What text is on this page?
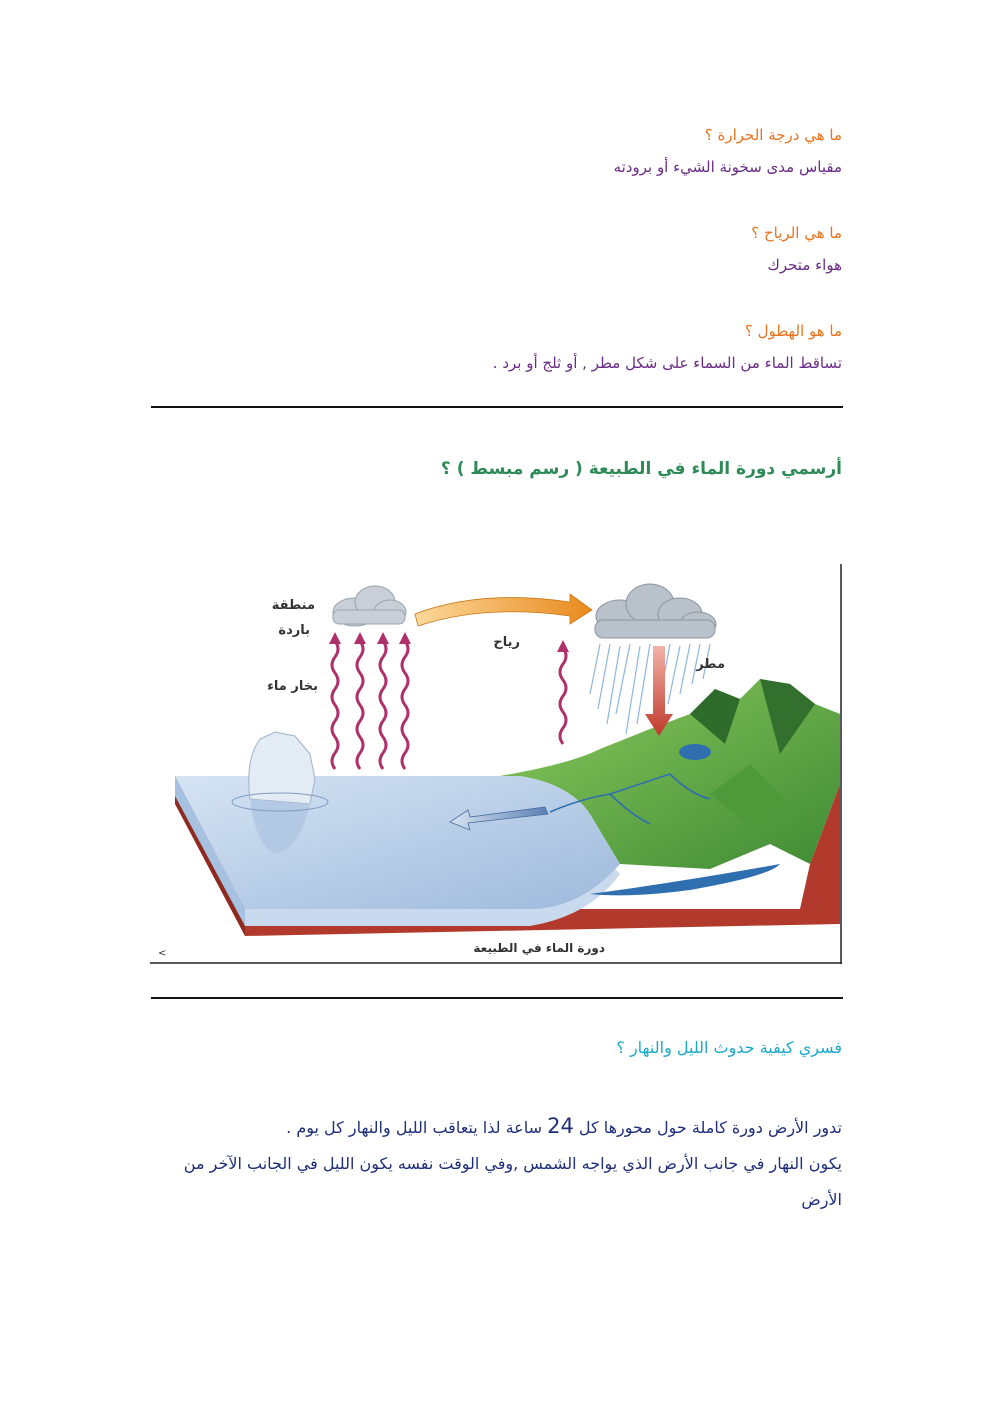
ما هي درجة الحرارة ؟
مقياس مدى سخونة الشيء أو برودته
ما هي الرياح ؟
هواء متحرك
ما هو الهطول ؟
تساقط الماء من السماء على شكل مطر , أو ثلج أو برد .
أرسمي دورة الماء في الطبيعة ( رسم مبسط ) ؟
منطقة
باردة
بخار ماء
رياح
مطر
دورة الماء في الطبيعة
<
فسري كيفية حدوث الليل والنهار ؟
تدور الأرض دورة كاملة حول محورها كل 24 ساعة لذا يتعاقب الليل والنهار كل يوم .
يكون النهار في جانب الأرض الذي يواجه الشمس ,وفي الوقت نفسه يكون الليل في الجانب الآخر من الأرض
